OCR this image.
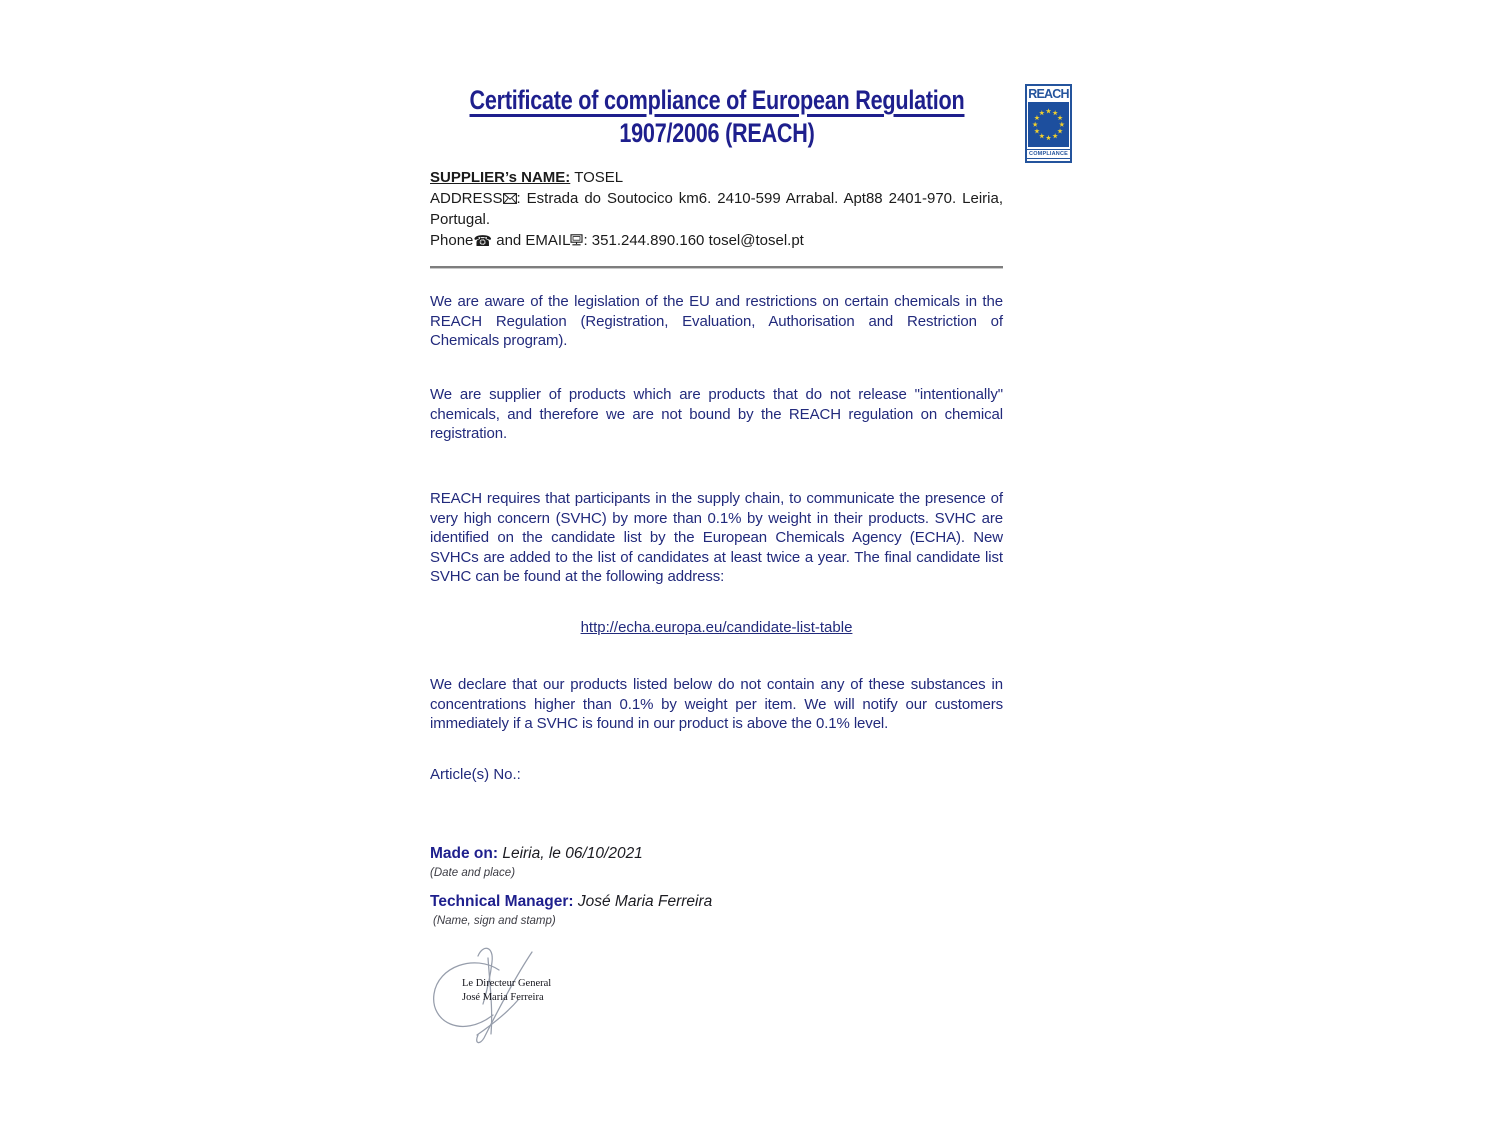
Certificate of compliance of European Regulation
1907/2006 (REACH)
REACH
COMPLIANCE

SUPPLIER’s NAME: TOSEL

ADDRESS : Estrada do Soutocico km6. 2410-599 Arrabal. Apt88 2401-970. Leiria, Portugal.

Phone☎ and EMAIL : 351.244.890.160 tosel@tosel.pt

We are aware of the legislation of the EU and restrictions on certain chemicals in the REACH Regulation (Registration, Evaluation, Authorisation and Restriction of Chemicals program).

We are supplier of products which are products that do not release "intentionally" chemicals, and therefore we are not bound by the REACH regulation on chemical registration.

REACH requires that participants in the supply chain, to communicate the presence of very high concern (SVHC) by more than 0.1% by weight in their products. SVHC are identified on the candidate list by the European Chemicals Agency (ECHA). New SVHCs are added to the list of candidates at least twice a year. The final candidate list SVHC can be found at the following address:

http://echa.europa.eu/candidate-list-table

We declare that our products listed below do not contain any of these substances in concentrations higher than 0.1% by weight per item. We will notify our customers immediately if a SVHC is found in our product is above the 0.1% level.

Article(s) No.:

Made on: Leiria, le 06/10/2021
(Date and place)
Technical Manager: José Maria Ferreira
(Name, sign and stamp)
Le Directeur General
José Maria Ferreira
